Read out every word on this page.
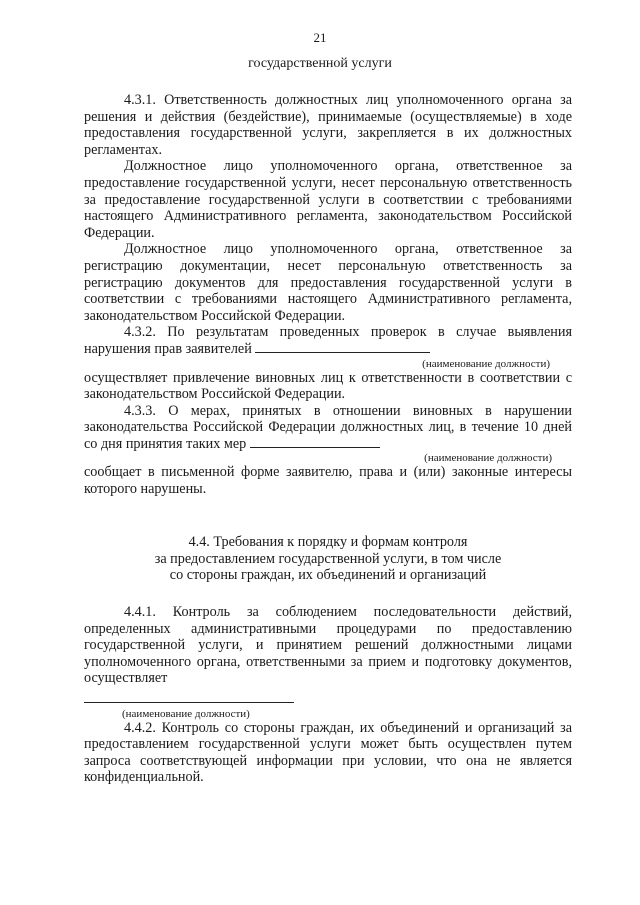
21
государственной услуги

4.3.1. Ответственность должностных лиц уполномоченного органа за решения и действия (бездействие), принимаемые (осуществляемые) в ходе предоставления государственной услуги, закрепляется в их должностных регламентах.

Должностное лицо уполномоченного органа, ответственное за предоставление государственной услуги, несет персональную ответственность за предоставление государственной услуги в соответствии с требованиями настоящего Административного регламента, законодательством Российской Федерации.

Должностное лицо уполномоченного органа, ответственное за регистрацию документации, несет персональную ответственность за регистрацию документов для предоставления государственной услуги в соответствии с требованиями настоящего Административного регламента, законодательством Российской Федерации.

4.3.2. По результатам проведенных проверок в случае выявления нарушения прав заявителей

(наименование должности)

осуществляет привлечение виновных лиц к ответственности в соответствии с законодательством Российской Федерации.

4.3.3. О мерах, принятых в отношении виновных в нарушении законодательства Российской Федерации должностных лиц, в течение 10 дней со дня принятия таких мер

(наименование должности)

сообщает в письменной форме заявителю, права и (или) законные интересы которого нарушены.

4.4. Требования к порядку и формам контроля
за предоставлением государственной услуги, в том числе
со стороны граждан, их объединений и организаций

4.4.1. Контроль за соблюдением последовательности действий, определенных административными процедурами по предоставлению государственной услуги, и принятием решений должностными лицами уполномоченного органа, ответственными за прием и подготовку документов, осуществляет

(наименование должности)

4.4.2. Контроль со стороны граждан, их объединений и организаций за предоставлением государственной услуги может быть осуществлен путем запроса соответствующей информации при условии, что она не является конфиденциальной.
